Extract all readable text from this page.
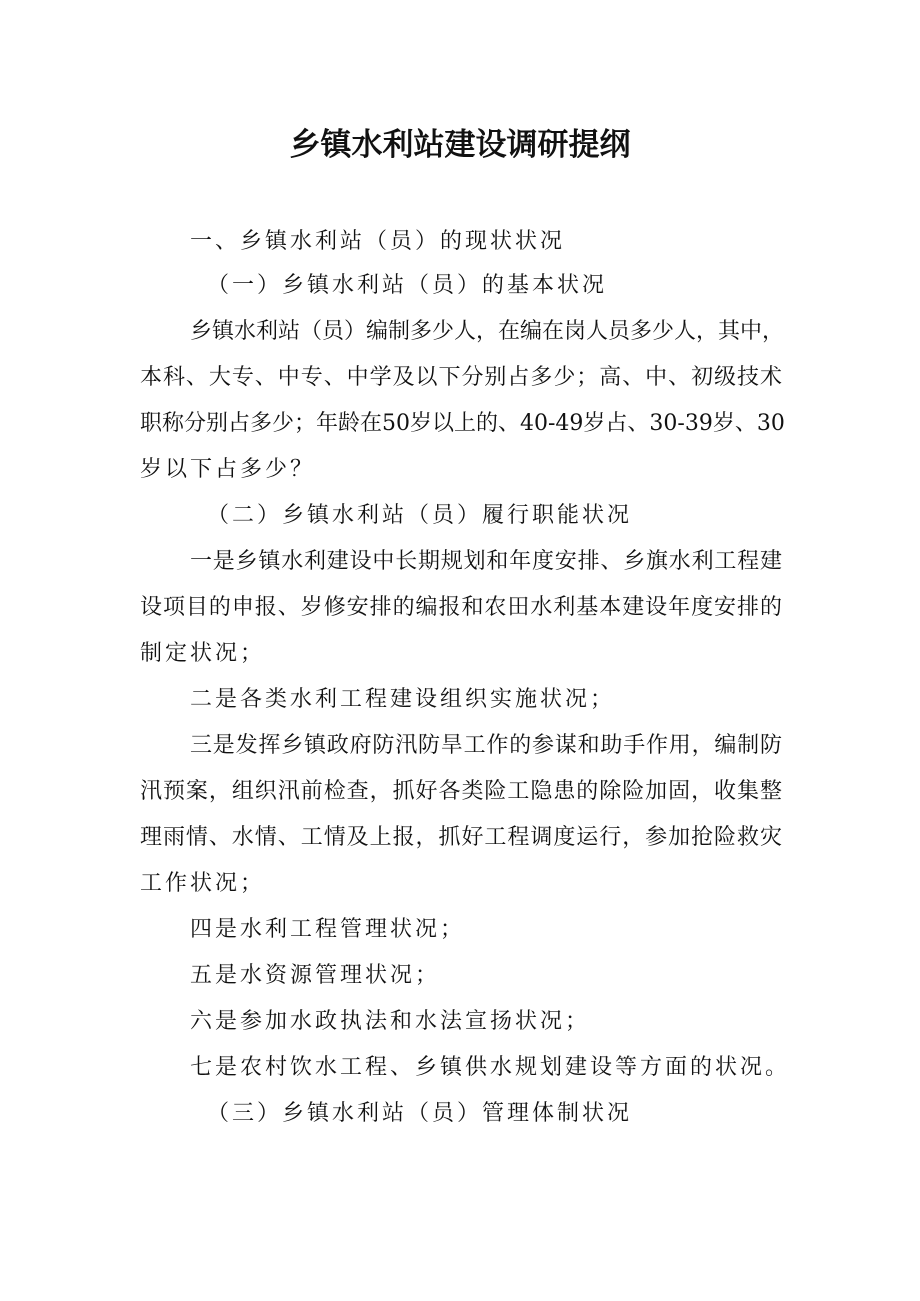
乡镇水利站建设调研提纲
一、乡镇水利站（员）的现状状况
（一）乡镇水利站（员）的基本状况
乡镇水利站（员）编制多少人，在编在岗人员多少人，其中，
本科、大专、中专、中学及以下分别占多少；高、中、初级技术
职称分别占多少；年龄在50岁以上的、40-49岁占、30-39岁、30
岁以下占多少？
（二）乡镇水利站（员）履行职能状况
一是乡镇水利建设中长期规划和年度安排、乡旗水利工程建
设项目的申报、岁修安排的编报和农田水利基本建设年度安排的
制定状况；
二是各类水利工程建设组织实施状况；
三是发挥乡镇政府防汛防旱工作的参谋和助手作用，编制防
汛预案，组织汛前检查，抓好各类险工隐患的除险加固，收集整
理雨情、水情、工情及上报，抓好工程调度运行，参加抢险救灾
工作状况；
四是水利工程管理状况；
五是水资源管理状况；
六是参加水政执法和水法宣扬状况；
七是农村饮水工程、乡镇供水规划建设等方面的状况。
（三）乡镇水利站（员）管理体制状况
